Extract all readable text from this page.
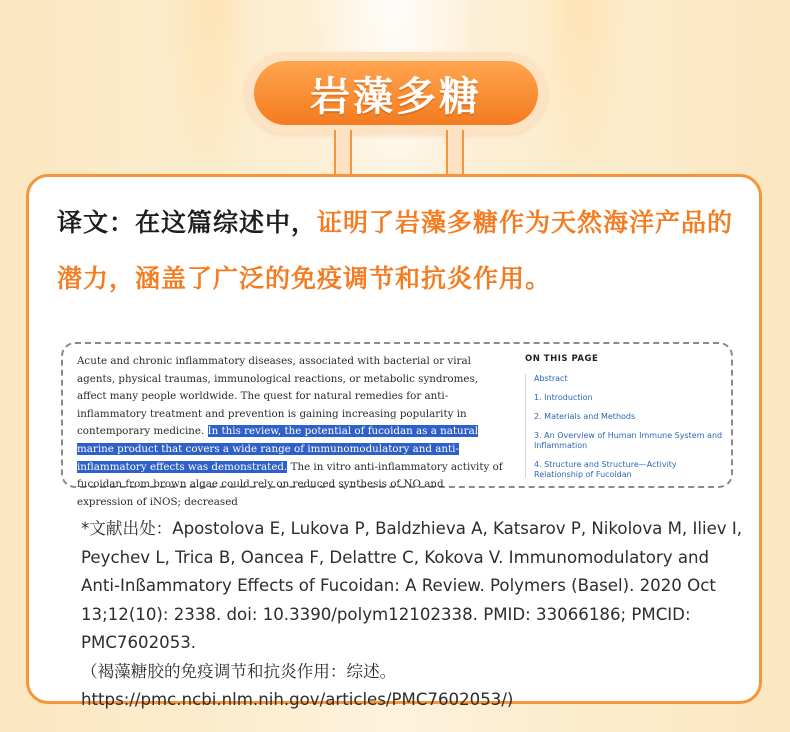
岩藻多糖
译文：在这篇综述中，证明了岩藻多糖作为天然海洋产品的潜力，涵盖了广泛的免疫调节和抗炎作用。
Acute and chronic inflammatory diseases, associated with bacterial or viral agents, physical traumas, immunological reactions, or metabolic syndromes, affect many people worldwide. The quest for natural remedies for anti-inflammatory treatment and prevention is gaining increasing popularity in contemporary medicine. In this review, the potential of fucoidan as a natural marine product that covers a wide range of immunomodulatory and anti-inflammatory effects was demonstrated. The in vitro anti-inflammatory activity of fucoidan from brown algae could rely on reduced synthesis of NO and expression of iNOS; decreased
ON THIS PAGE
Abstract
1. Introduction
2. Materials and Methods
3. An Overview of Human Immune System and Inflammation
4. Structure and Structure—Activity Relationship of Fucoidan
*文献出处：Apostolova E, Lukova P, Baldzhieva A, Katsarov P, Nikolova M, Iliev I, Peychev L, Trica B, Oancea F, Delattre C, Kokova V. Immunomodulatory and Anti-Inßammatory Effects of Fucoidan: A Review. Polymers (Basel). 2020 Oct 13;12(10): 2338. doi: 10.3390/polym12102338. PMID: 33066186; PMCID: PMC7602053.
（褐藻糖胶的免疫调节和抗炎作用：综述。
https://pmc.ncbi.nlm.nih.gov/articles/PMC7602053/)
